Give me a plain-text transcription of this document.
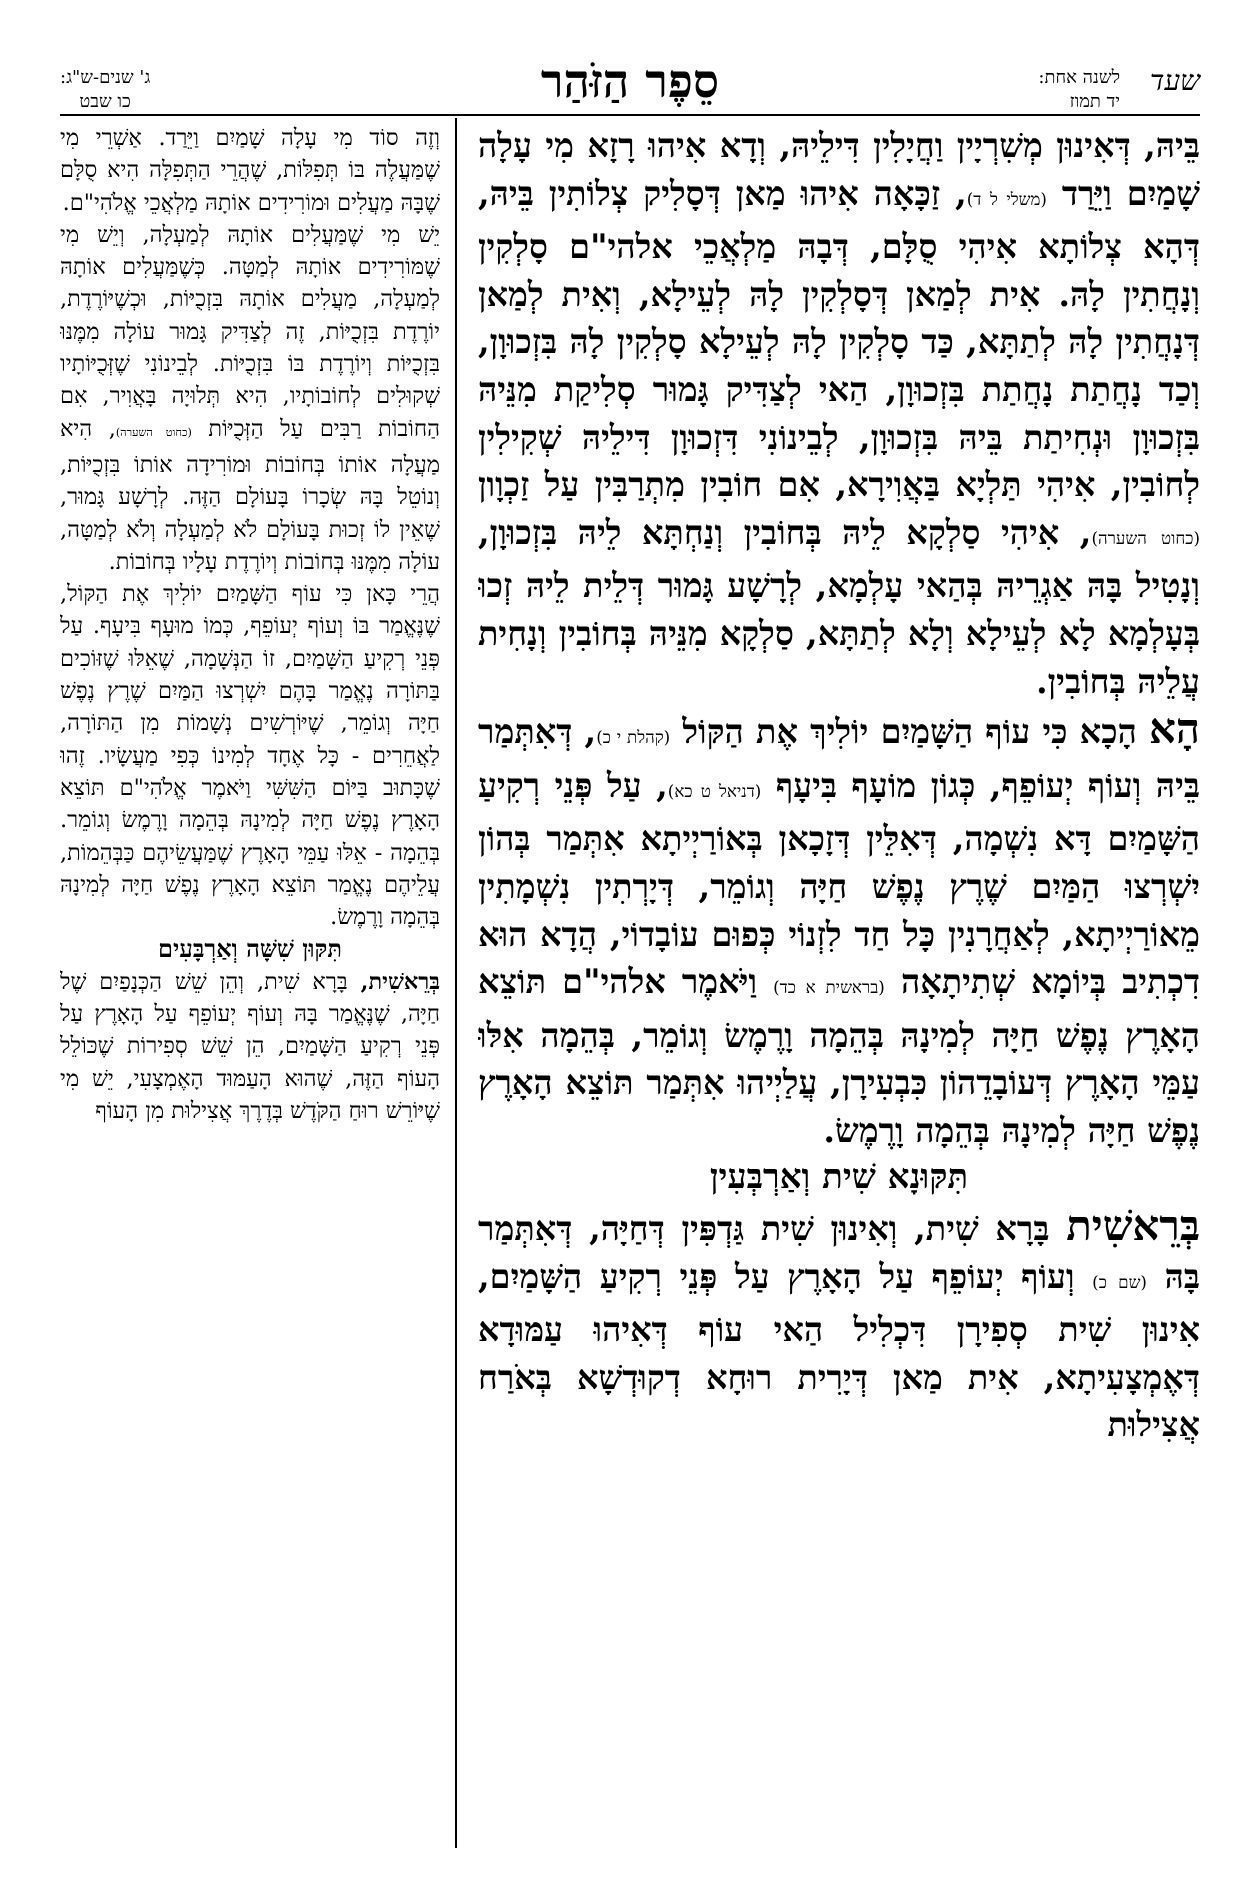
שעד
לשנה אחת:
יד תמוז
סֵפֶר הַזֹּהַר
ג' שנים-ש"ג:
כו שבט

בֵּיהּ, דְּאִינוּן מְשִׁרְיָין וַחֲיָלִין דִּילֵיהּ, וְדָא אִיהוּ רָזָא מִי עָלָה שָׁמַיִם וַיֵּרַד (משלי ל ד), זַכָּאָה אִיהוּ מַאן דְּסָלִיק צְלוֹתִין בֵּיהּ, דְּהָא צְלוֹתָא אִיהִי סֻלָּם, דְּבָהּ מַלְאֲכֵי אלהי"ם סָלְקִין וְנָחֲתִין לָהּ. אִית לְמַאן דְּסָלְקִין לָהּ לְעֵילָא, וְאִית לְמַאן דְּנָחֲתִין לָהּ לְתַתָּא, כַּד סָלְקִין לָהּ לְעֵילָא סָלְקִין לָהּ בִּזְכוּוָן, וְכַד נָחֲתַת נָחֲתַת בִּזְכוּוָן, הַאי לְצַדִּיק גָּמוּר סְלִיקַת מִנֵּיהּ בִּזְכוּוָן וּנְחִיתַת בֵּיהּ בִּזְכוּוָן, לְבֵינוֹנִי דִּזְכוּוָן דִּילֵיהּ שְׁקִילִין לְחוֹבִין, אִיהִי תַּלְיָא בַּאֲוִירָא, אִם חוֹבִין מִתְרַבִּין עַל זַכְוָון (כחוט השערה), אִיהִי סַלְקָא לֵיהּ בְּחוֹבִין וְנַחְתָּא לֵיהּ בִּזְכוּוָן, וְנָטִיל בָּהּ אַגְרֵיהּ בְּהַאי עָלְמָא, לְרָשָׁע גָּמוּר דְּלֵית לֵיהּ זְכוּ בְּעָלְמָא לָא לְעֵילָא וְלָא לְתַתָּא, סַלְקָא מִנֵּיהּ בְּחוֹבִין וְנָחִית עֲלֵיהּ בְּחוֹבִין.

הָא הָכָא כִּי עוֹף הַשָּׁמַיִם יוֹלִיךְ אֶת הַקּוֹל (קהלת י כ), דְּאִתְּמַר בֵּיהּ וְעוֹף יְעוֹפֵף, כְּגוֹן מוֹעָף בִּיעָף (דניאל ט כא), עַל פְּנֵי רְקִיעַ הַשָּׁמַיִם דָּא נִשְׁמָה, דְּאִלֵּין דְּזָכָאן בְּאוֹרַיְיתָא אִתְּמַר בְּהוֹן יִשְׁרְצוּ הַמַּיִם שֶׁרֶץ נֶפֶשׁ חַיָּה וְגוֹמֵר, דְּיָרְתִין נִשְׁמָתִין מֵאוֹרַיְיתָא, לְאַחֲרָנִין כָּל חַד לִזְנוֹי כְּפוּם עוֹבָדוֹי, הֲדָא הוּא דִכְתִיב בְּיוֹמָא שְׁתִיתָאָה (בראשית א כד) וַיֹּאמֶר אלהי"ם תּוֹצֵא הָאָרֶץ נֶפֶשׁ חַיָּה לְמִינָהּ בְּהֵמָה וָרֶמֶשׂ וְגוֹמֵר, בְּהֵמָה אִלּוּ עַמֵּי הָאָרֶץ דְּעוֹבָדֵהוֹן כִּבְעִירָן, עֲלַיְיהוּ אִתְּמַר תּוֹצֵא הָאָרֶץ נֶפֶשׁ חַיָּה לְמִינָהּ בְּהֵמָה וָרֶמֶשׂ.

תִּקּוּנָא שִׁית וְאַרְבְּעִין

בְּרֵאשִׁית בָּרָא שִׁית, וְאִינוּן שִׁית גַּדְפִּין דְּחַיָּה, דְּאִתְּמַר בָּהּ (שם כ) וְעוֹף יְעוֹפֵף עַל הָאָרֶץ עַל פְּנֵי רְקִיעַ הַשָּׁמַיִם, אִינוּן שִׁית סְפִירָן דִּכְלִיל הַאי עוֹף דְּאִיהוּ עַמּוּדָא דְּאֶמְצָעִיתָא, אִית מַאן דְּיָרִית רוּחָא דְקוּדְשָׁא בְּאֹרַח אֲצִילוּת

וְזֶה סוֹד מִי עָלָה שָׁמַיִם וַיֵּרַד. אַשְׁרֵי מִי שֶׁמַּעֲלֶה בּוֹ תְּפִלּוֹת, שֶׁהֲרֵי הַתְּפִלָּה הִיא סֻלָּם שֶׁבָּהּ מַעֲלִים וּמוֹרִידִים אוֹתָהּ מַלְאֲכֵי אֱלֹהִי"ם.

יֵשׁ מִי שֶׁמַּעֲלִים אוֹתָהּ לְמַעְלָה, וְיֵשׁ מִי שֶׁמּוֹרִידִים אוֹתָהּ לְמַטָּה. כְּשֶׁמַּעֲלִים אוֹתָהּ לְמַעְלָה, מַעֲלִים אוֹתָהּ בִּזְכֻיּוֹת, וּכְשֶׁיּוֹרֶדֶת, יוֹרֶדֶת בִּזְכֻיּוֹת, זֶה לְצַדִּיק גָּמוּר עוֹלָה מִמֶּנּוּ בִּזְכֻיּוֹת וְיוֹרֶדֶת בּוֹ בִּזְכֻיּוֹת. לְבֵינוֹנִי שֶׁזְּכֻיּוֹתָיו שְׁקוּלִים לְחוֹבוֹתָיו, הִיא תְּלוּיָה בָּאֲוִיר, אִם הַחוֹבוֹת רַבִּים עַל הַזְּכֻיּוֹת (כחוט השערה), הִיא מַעֲלָה אוֹתוֹ בְּחוֹבוֹת וּמוֹרִידָה אוֹתוֹ בִּזְכֻיּוֹת, וְנוֹטֵל בָּהּ שְׂכָרוֹ בָּעוֹלָם הַזֶּה. לְרָשָׁע גָּמוּר, שֶׁאֵין לוֹ זְכוּת בָּעוֹלָם לֹא לְמַעְלָה וְלֹא לְמַטָּה, עוֹלָה מִמֶּנּוּ בְּחוֹבוֹת וְיוֹרֶדֶת עָלָיו בְּחוֹבוֹת.

הֲרֵי כָּאן כִּי עוֹף הַשָּׁמַיִם יוֹלִיךְ אֶת הַקּוֹל, שֶׁנֶּאֱמַר בּוֹ וְעוֹף יְעוֹפֵף, כְּמוֹ מוּעָף בִּיעָף. עַל פְּנֵי רְקִיעַ הַשָּׁמַיִם, זוֹ הַנְּשָׁמָה, שֶׁאֵלּוּ שֶׁזּוֹכִים בַּתּוֹרָה נֶאֱמַר בָּהֶם יִשְׁרְצוּ הַמַּיִם שֶׁרֶץ נֶפֶשׁ חַיָּה וְגוֹמֵר, שֶׁיּוֹרְשִׁים נְשָׁמוֹת מִן הַתּוֹרָה, לַאֲחֵרִים - כָּל אֶחָד לְמִינוֹ כְּפִי מַעֲשָׂיו. זֶהוּ שֶׁכָּתוּב בַּיּוֹם הַשִּׁשִּׁי וַיֹּאמֶר אֱלֹהִי"ם תּוֹצֵא הָאָרֶץ נֶפֶשׁ חַיָּה לְמִינָהּ בְּהֵמָה וָרֶמֶשׂ וְגוֹמֵר. בְּהֵמָה - אֵלּוּ עַמֵּי הָאָרֶץ שֶׁמַּעֲשֵׂיהֶם כַּבְּהֵמוֹת, עֲלֵיהֶם נֶאֱמַר תּוֹצֵא הָאָרֶץ נֶפֶשׁ חַיָּה לְמִינָהּ בְּהֵמָה וָרֶמֶשׂ.

תִּקּוּן שִׁשָּׁה וְאַרְבָּעִים

בְּרֵאשִׁית, בָּרָא שִׁית, וְהֵן שֵׁשׁ הַכְּנָפַיִם שֶׁל חַיָּה, שֶׁנֶּאֱמַר בָּהּ וְעוֹף יְעוֹפֵף עַל הָאָרֶץ עַל פְּנֵי רְקִיעַ הַשָּׁמַיִם, הֵן שֵׁשׁ סְפִירוֹת שֶׁכּוֹלֵל הָעוֹף הַזֶּה, שֶׁהוּא הָעַמּוּד הָאֶמְצָעִי, יֵשׁ מִי שֶׁיּוֹרֵשׁ רוּחַ הַקֹּדֶשׁ בְּדֶרֶךְ אֲצִילוּת מִן הָעוֹף
